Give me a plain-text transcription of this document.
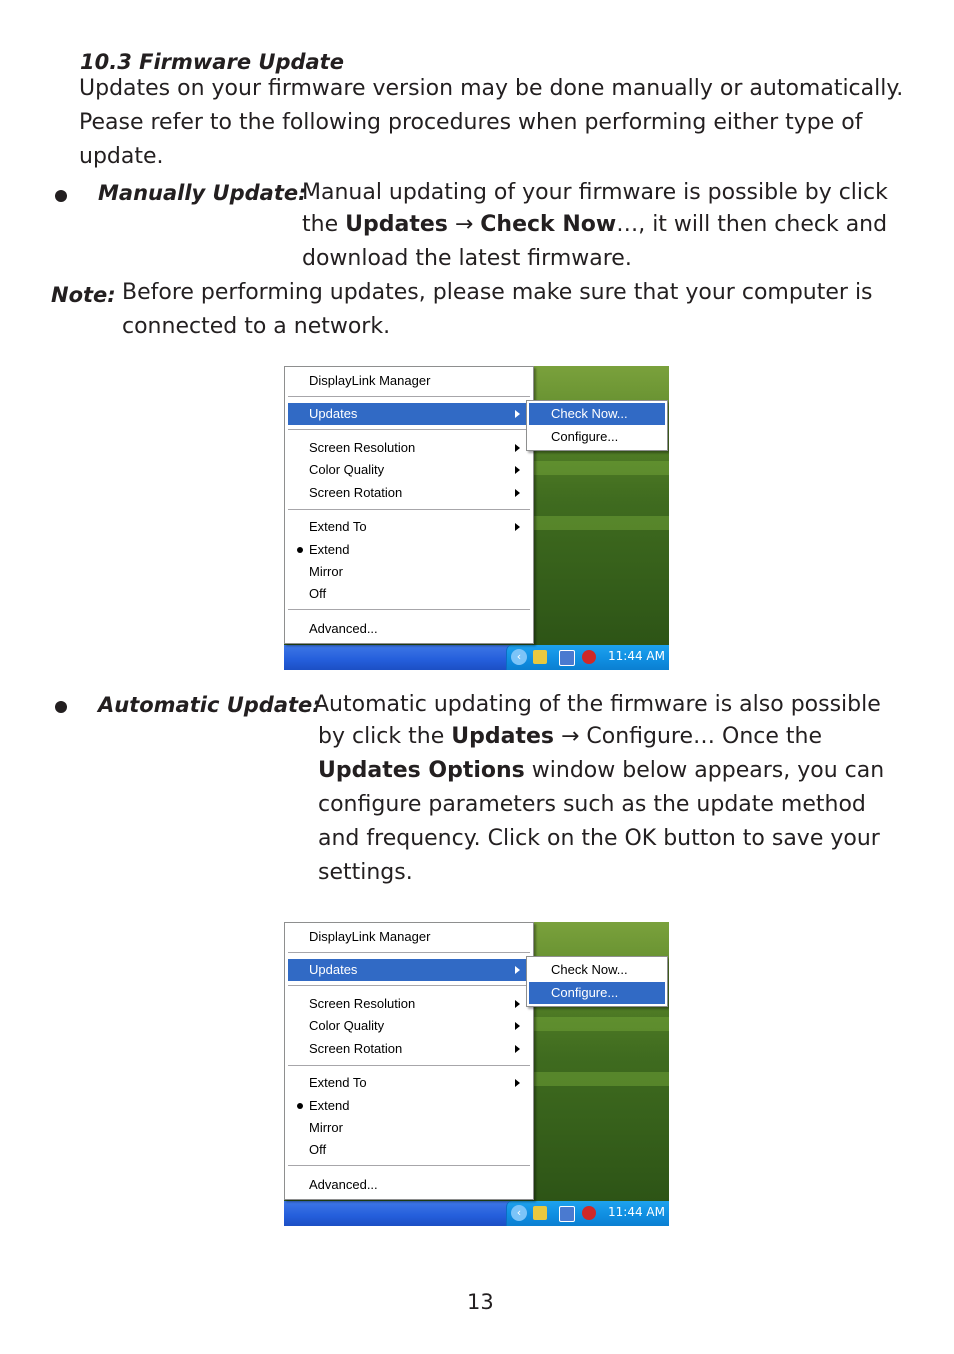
10.3 Firmware Update
Updates on your firmware version may be done manually or automatically.
Pease refer to the following procedures when performing either type of
update.
Manually Update:
Manual updating of your firmware is possible by click
the Updates → Check Now…, it will then check and
download the latest firmware.
Note: Before performing updates, please make sure that your computer is
connected to a network.
‹	11:44 AM
DisplayLink Manager
Updates
Screen Resolution
Color Quality
Screen Rotation
Extend To
Extend
Mirror
Off
Advanced...
Check Now...
Configure...
Automatic Update:
Automatic updating of the firmware is also possible
by click the Updates → Configure… Once the
Updates Options window below appears, you can
configure parameters such as the update method
and frequency. Click on the OK button to save your
settings.
‹	11:44 AM
DisplayLink Manager
Updates
Screen Resolution
Color Quality
Screen Rotation
Extend To
Extend
Mirror
Off
Advanced...
Check Now...
Configure...
13
